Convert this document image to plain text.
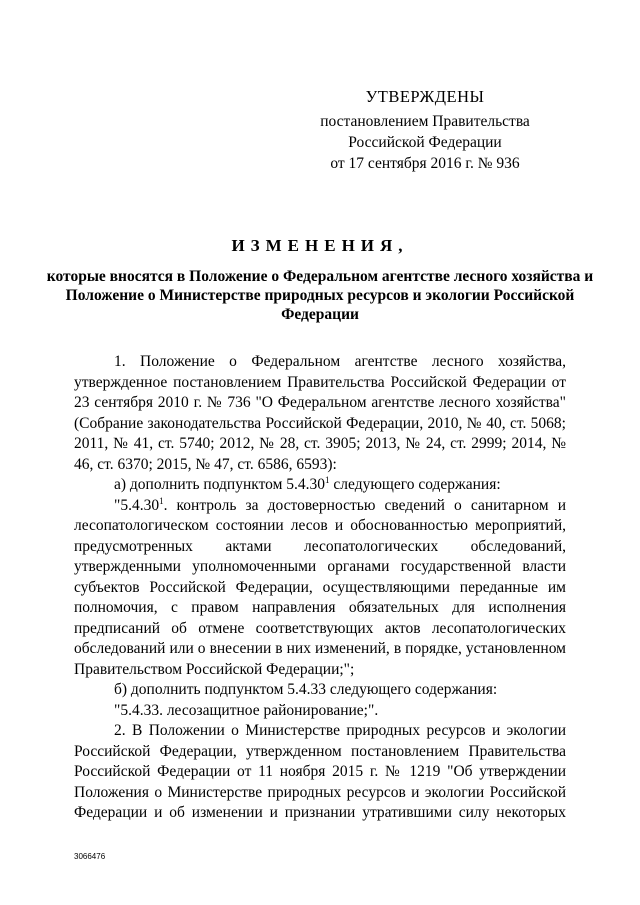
УТВЕРЖДЕНЫ
постановлением Правительства
Российской Федерации
от 17 сентября 2016 г. № 936
ИЗМЕНЕНИЯ,
которые вносятся в Положение о Федеральном агентстве лесного хозяйства и Положение о Министерстве природных ресурсов и экологии Российской Федерации

1. Положение о Федеральном агентстве лесного хозяйства, утвержденное постановлением Правительства Российской Федерации от 23 сентября 2010 г. № 736 "О Федеральном агентстве лесного хозяйства" (Собрание законодательства Российской Федерации, 2010, № 40, ст. 5068; 2011, № 41, ст. 5740; 2012, № 28, ст. 3905; 2013, № 24, ст. 2999; 2014, № 46, ст. 6370; 2015, № 47, ст. 6586, 6593):

а) дополнить подпунктом 5.4.30$^1$ следующего содержания:

"5.4.30$^1$. контроль за достоверностью сведений о санитарном и лесопатологическом состоянии лесов и обоснованностью мероприятий, предусмотренных актами лесопатологических обследований, утвержденными уполномоченными органами государственной власти субъектов Российской Федерации, осуществляющими переданные им полномочия, с правом направления обязательных для исполнения предписаний об отмене соответствующих актов лесопатологических обследований или о внесении в них изменений, в порядке, установленном Правительством Российской Федерации;";

б) дополнить подпунктом 5.4.33 следующего содержания:

"5.4.33. лесозащитное районирование;".

2. В Положении о Министерстве природных ресурсов и экологии Российской Федерации, утвержденном постановлением Правительства Российской Федерации от 11 ноября 2015 г. № 1219 "Об утверждении Положения о Министерстве природных ресурсов и экологии Российской Федерации и об изменении и признании утратившими силу некоторых

3066476
